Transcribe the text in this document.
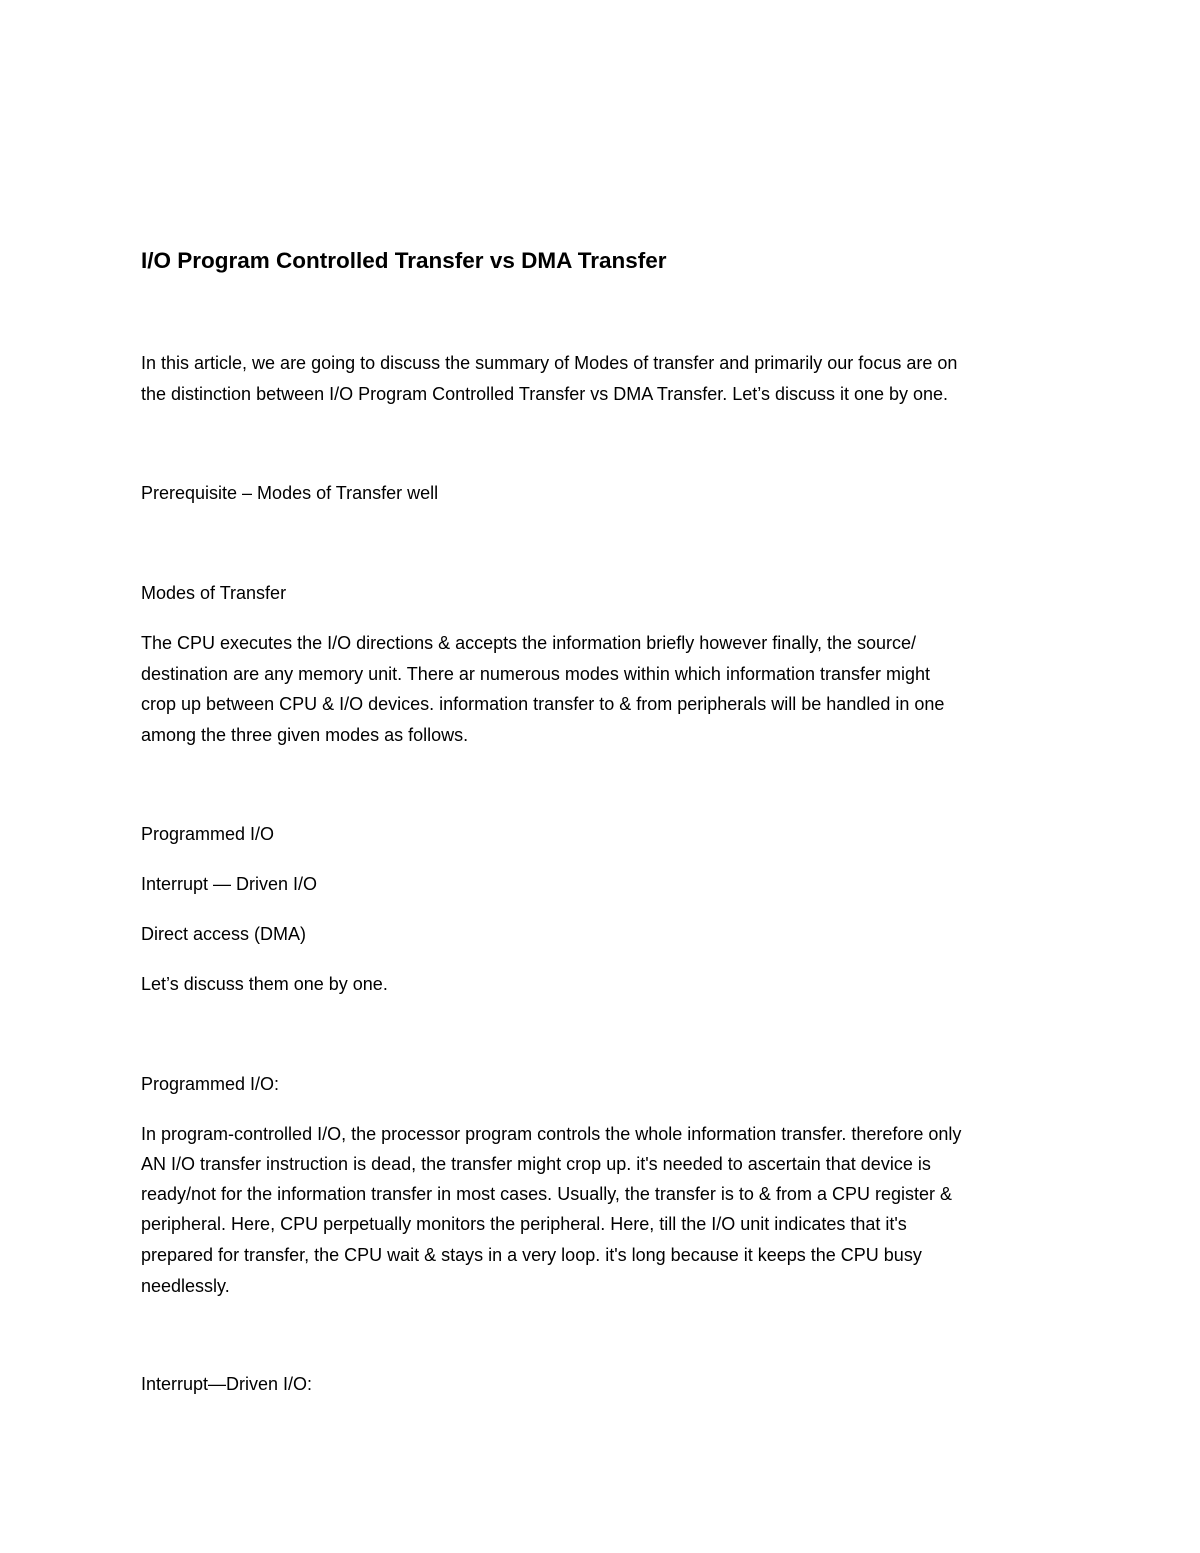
I/O Program Controlled Transfer vs DMA Transfer

In this article, we are going to discuss the summary of Modes of transfer and primarily our focus are on

the distinction between I/O Program Controlled Transfer vs DMA Transfer. Let’s discuss it one by one.

Prerequisite – Modes of Transfer well

Modes of Transfer

The CPU executes the I/O directions & accepts the information briefly however finally, the source/

destination are any memory unit. There ar numerous modes within which information transfer might

crop up between CPU & I/O devices. information transfer to & from peripherals will be handled in one

among the three given modes as follows.

Programmed I/O

Interrupt — Driven I/O

Direct access (DMA)

Let’s discuss them one by one.

Programmed I/O:

In program-controlled I/O, the processor program controls the whole information transfer. therefore only

AN I/O transfer instruction is dead, the transfer might crop up. it's needed to ascertain that device is

ready/not for the information transfer in most cases. Usually, the transfer is to & from a CPU register &

peripheral. Here, CPU perpetually monitors the peripheral. Here, till the I/O unit indicates that it's

prepared for transfer, the CPU wait & stays in a very loop. it's long because it keeps the CPU busy

needlessly.

Interrupt—Driven I/O:
